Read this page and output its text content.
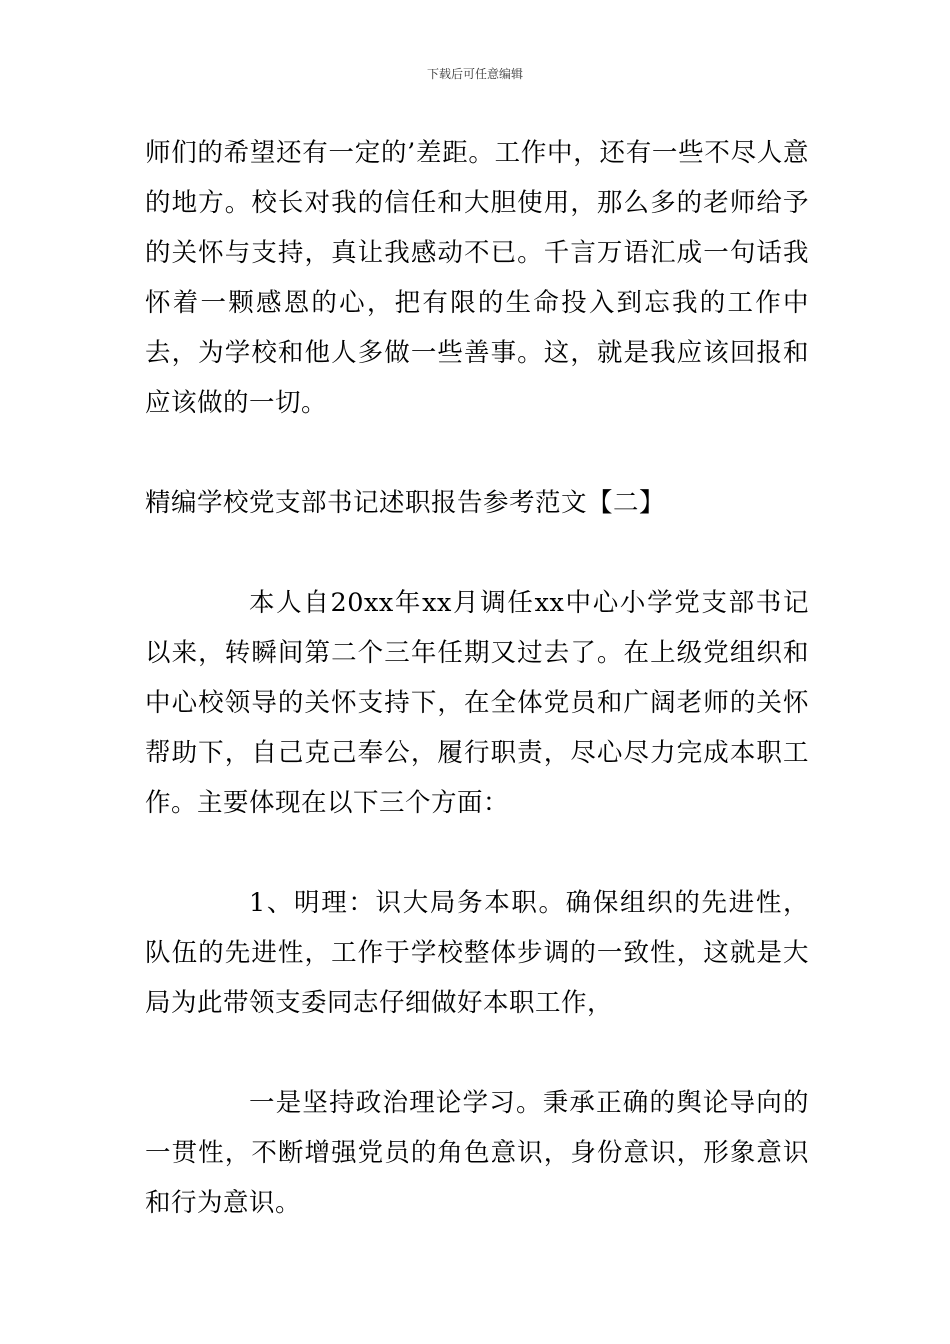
下载后可任意编辑

师们的希望还有一定的’差距。工作中，还有一些不尽人意的地方。校长对我的信任和大胆使用，那么多的老师给予的关怀与支持，真让我感动不已。千言万语汇成一句话我怀着一颗感恩的心，把有限的生命投入到忘我的工作中去，为学校和他人多做一些善事。这，就是我应该回报和应该做的一切。

精编学校党支部书记述职报告参考范文【二】

本人自20xx年xx月调任xx中心小学党支部书记以来，转瞬间第二个三年任期又过去了。在上级党组织和中心校领导的关怀支持下，在全体党员和广阔老师的关怀帮助下，自己克己奉公，履行职责，尽心尽力完成本职工作。主要体现在以下三个方面：

1、明理：识大局务本职。确保组织的先进性，队伍的先进性，工作于学校整体步调的一致性，这就是大局为此带领支委同志仔细做好本职工作，

一是坚持政治理论学习。秉承正确的舆论导向的一贯性，不断增强党员的角色意识，身份意识，形象意识和行为意识。
